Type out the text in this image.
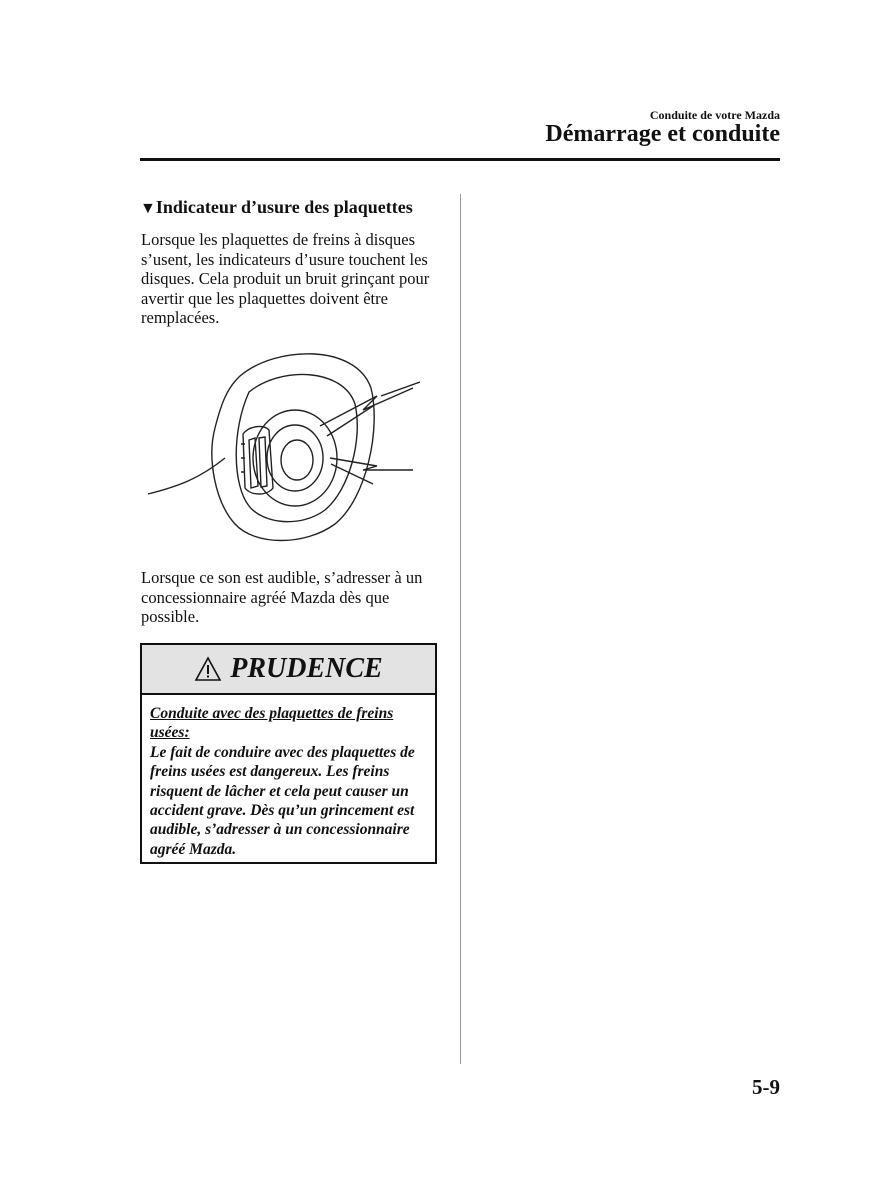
Conduite de votre Mazda
Démarrage et conduite
▼Indicateur d’usure des plaquettes

Lorsque les plaquettes de freins à disques s’usent, les indicateurs d’usure touchent les disques. Cela produit un bruit grinçant pour avertir que les plaquettes doivent être remplacées.

Lorsque ce son est audible, s’adresser à un concessionnaire agréé Mazda dès que possible.

PRUDENCE
Conduite avec des plaquettes de freins usées:
Le fait de conduire avec des plaquettes de freins usées est dangereux. Les freins risquent de lâcher et cela peut causer un accident grave. Dès qu’un grincement est audible, s’adresser à un concessionnaire agréé Mazda.
5-9
